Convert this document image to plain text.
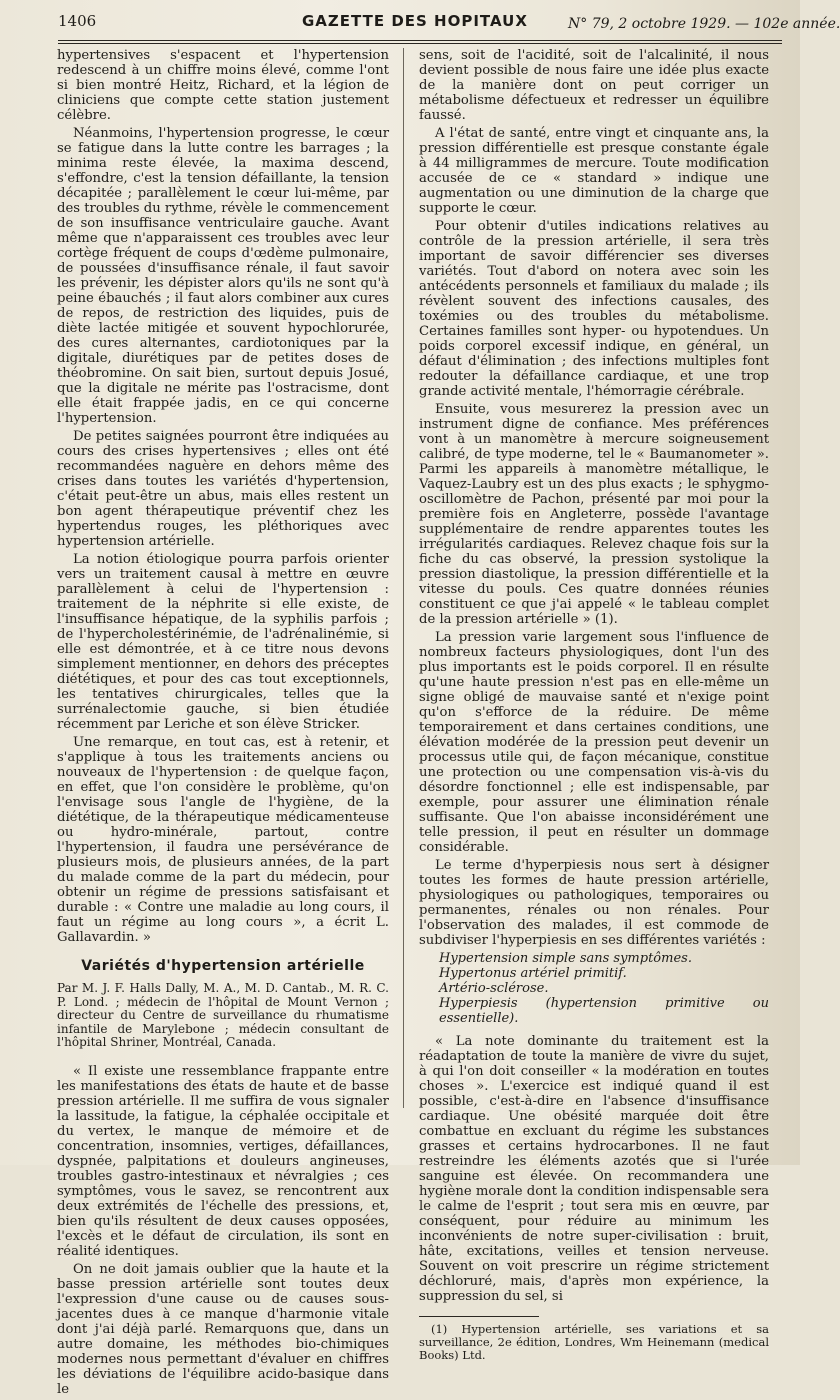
1406	GAZETTE DES HOPITAUX	N° 79, 2 octobre 1929. — 102e année.

hypertensives s'espacent et l'hypertension redescend à un chiffre moins élevé, comme l'ont si bien montré Heitz, Richard, et la légion de cliniciens que compte cette station justement célèbre.

Néanmoins, l'hypertension progresse, le cœur se fatigue dans la lutte contre les barrages ; la minima reste élevée, la maxima descend, s'effondre, c'est la tension défaillante, la tension décapitée ; parallèlement le cœur lui-même, par des troubles du rythme, révèle le commencement de son insuffisance ventriculaire gauche. Avant même que n'apparaissent ces troubles avec leur cortège fréquent de coups d'œdème pulmonaire, de poussées d'insuffisance rénale, il faut savoir les prévenir, les dépister alors qu'ils ne sont qu'à peine ébauchés ; il faut alors combiner aux cures de repos, de restriction des liquides, puis de diète lactée mitigée et souvent hypochlorurée, des cures alternantes, cardiotoniques par la digitale, diurétiques par de petites doses de théobromine. On sait bien, surtout depuis Josué, que la digitale ne mérite pas l'ostracisme, dont elle était frappée jadis, en ce qui concerne l'hypertension.

De petites saignées pourront être indiquées au cours des crises hypertensives ; elles ont été recommandées naguère en dehors même des crises dans toutes les variétés d'hypertension, c'était peut-être un abus, mais elles restent un bon agent thérapeutique préventif chez les hypertendus rouges, les pléthoriques avec hypertension artérielle.

La notion étiologique pourra parfois orienter vers un traitement causal à mettre en œuvre parallèlement à celui de l'hypertension : traitement de la néphrite si elle existe, de l'insuffisance hépatique, de la syphilis parfois ; de l'hypercholestérinémie, de l'adrénalinémie, si elle est démontrée, et à ce titre nous devons simplement mentionner, en dehors des préceptes diététiques, et pour des cas tout exceptionnels, les tentatives chirurgicales, telles que la surrénalectomie gauche, si bien étudiée récemment par Leriche et son élève Stricker.

Une remarque, en tout cas, est à retenir, et s'applique à tous les traitements anciens ou nouveaux de l'hypertension : de quelque façon, en effet, que l'on considère le problème, qu'on l'envisage sous l'angle de l'hygiène, de la diététique, de la thérapeutique médicamenteuse ou hydro-minérale, partout, contre l'hypertension, il faudra une persévérance de plusieurs mois, de plusieurs années, de la part du malade comme de la part du médecin, pour obtenir un régime de pressions satisfaisant et durable : « Contre une maladie au long cours, il faut un régime au long cours », a écrit L. Gallavardin. »

Variétés d'hypertension artérielle

Par M. J. F. Halls Dally, M. A., M. D. Cantab., M. R. C. P. Lond. ; médecin de l'hôpital de Mount Vernon ; directeur du Centre de surveillance du rhumatisme infantile de Marylebone ; médecin consultant de l'hôpital Shriner, Montréal, Canada.

« Il existe une ressemblance frappante entre les manifestations des états de haute et de basse pression artérielle. Il me suffira de vous signaler la lassitude, la fatigue, la céphalée occipitale et du vertex, le manque de mémoire et de concentration, insomnies, vertiges, défaillances, dyspnée, palpitations et douleurs angineuses, troubles gastro-intestinaux et névralgies ; ces symptômes, vous le savez, se rencontrent aux deux extrémités de l'échelle des pressions, et, bien qu'ils résultent de deux causes opposées, l'excès et le défaut de circulation, ils sont en réalité identiques.

On ne doit jamais oublier que la haute et la basse pression artérielle sont toutes deux l'expression d'une cause ou de causes sous-jacentes dues à ce manque d'harmonie vitale dont j'ai déjà parlé. Remarquons que, dans un autre domaine, les méthodes bio-chimiques modernes nous permettant d'évaluer en chiffres les déviations de l'équilibre acido-basique dans le

sens, soit de l'acidité, soit de l'alcalinité, il nous devient possible de nous faire une idée plus exacte de la manière dont on peut corriger un métabolisme défectueux et redresser un équilibre faussé.

A l'état de santé, entre vingt et cinquante ans, la pression différentielle est presque constante égale à 44 milligrammes de mercure. Toute modification accusée de ce « standard » indique une augmentation ou une diminution de la charge que supporte le cœur.

Pour obtenir d'utiles indications relatives au contrôle de la pression artérielle, il sera très important de savoir différencier ses diverses variétés. Tout d'abord on notera avec soin les antécédents personnels et familiaux du malade ; ils révèlent souvent des infections causales, des toxémies ou des troubles du métabolisme. Certaines familles sont hyper- ou hypotendues. Un poids corporel excessif indique, en général, un défaut d'élimination ; des infections multiples font redouter la défaillance cardiaque, et une trop grande activité mentale, l'hémorragie cérébrale.

Ensuite, vous mesurerez la pression avec un instrument digne de confiance. Mes préférences vont à un manomètre à mercure soigneusement calibré, de type moderne, tel le « Baumanometer ». Parmi les appareils à manomètre métallique, le Vaquez-Laubry est un des plus exacts ; le sphygmo-oscillomètre de Pachon, présenté par moi pour la première fois en Angleterre, possède l'avantage supplémentaire de rendre apparentes toutes les irrégularités cardiaques. Relevez chaque fois sur la fiche du cas observé, la pression systolique la pression diastolique, la pression différentielle et la vitesse du pouls. Ces quatre données réunies constituent ce que j'ai appelé « le tableau complet de la pression artérielle » (1).

La pression varie largement sous l'influence de nombreux facteurs physiologiques, dont l'un des plus importants est le poids corporel. Il en résulte qu'une haute pression n'est pas en elle-même un signe obligé de mauvaise santé et n'exige point qu'on s'efforce de la réduire. De même temporairement et dans certaines conditions, une élévation modérée de la pression peut devenir un processus utile qui, de façon mécanique, constitue une protection ou une compensation vis-à-vis du désordre fonctionnel ; elle est indispensable, par exemple, pour assurer une élimination rénale suffisante. Que l'on abaisse inconsidérément une telle pression, il peut en résulter un dommage considérable.

Le terme d'hyperpiesis nous sert à désigner toutes les formes de haute pression artérielle, physiologiques ou pathologiques, temporaires ou permanentes, rénales ou non rénales. Pour l'observation des malades, il est commode de subdiviser l'hyperpiesis en ses différentes variétés :

Hypertension simple sans symptômes.
Hypertonus artériel primitif.
Artério-sclérose.
Hyperpiesis (hypertension primitive ou essentielle).

« La note dominante du traitement est la réadaptation de toute la manière de vivre du sujet, à qui l'on doit conseiller « la modération en toutes choses ». L'exercice est indiqué quand il est possible, c'est-à-dire en l'absence d'insuffisance cardiaque. Une obésité marquée doit être combattue en excluant du régime les substances grasses et certains hydrocarbones. Il ne faut restreindre les éléments azotés que si l'urée sanguine est élevée. On recommandera une hygiène morale dont la condition indispensable sera le calme de l'esprit ; tout sera mis en œuvre, par conséquent, pour réduire au minimum les inconvénients de notre super-civilisation : bruit, hâte, excitations, veilles et tension nerveuse. Souvent on voit prescrire un régime strictement déchloruré, mais, d'après mon expérience, la suppression du sel, si

(1) Hypertension artérielle, ses variations et sa surveillance, 2e édition, Londres, Wm Heinemann (medical Books) Ltd.
